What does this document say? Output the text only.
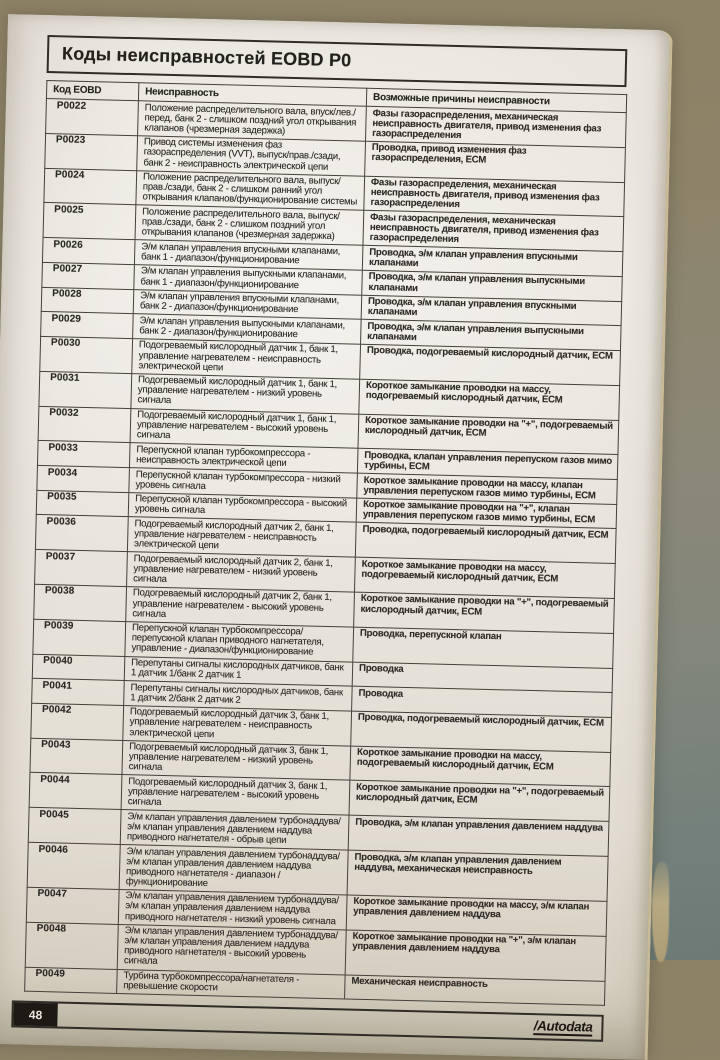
Коды неисправностей EOBD P0
Код EOBD	Неисправность	Возможные причины неисправности
P0022	Положение распределительного вала, впуск/лев./перед, банк 2 - слишком поздний угол открывания клапанов (чрезмерная задержка)	Фазы газораспределения, механическая неисправность двигателя, привод изменения фаз газораспределения
P0023	Привод системы изменения фаз газораспределения (VVT), выпуск/прав./сзади, банк 2 - неисправность электрической цепи	Проводка, привод изменения фаз газораспределения, ECM
P0024	Положение распределительного вала, выпуск/прав./сзади, банк 2 - слишком ранний угол открывания клапанов/функционирование системы	Фазы газораспределения, механическая неисправность двигателя, привод изменения фаз газораспределения
P0025	Положение распределительного вала, выпуск/прав./сзади, банк 2 - слишком поздний угол открывания клапанов (чрезмерная задержка)	Фазы газораспределения, механическая неисправность двигателя, привод изменения фаз газораспределения
P0026	Э/м клапан управления впускными клапанами, банк 1 - диапазон/функционирование	Проводка, э/м клапан управления впускными клапанами
P0027	Э/м клапан управления выпускными клапанами, банк 1 - диапазон/функционирование	Проводка, э/м клапан управления выпускными клапанами
P0028	Э/м клапан управления впускными клапанами, банк 2 - диапазон/функционирование	Проводка, э/м клапан управления впускными клапанами
P0029	Э/м клапан управления выпускными клапанами, банк 2 - диапазон/функционирование	Проводка, э/м клапан управления выпускными клапанами
P0030	Подогреваемый кислородный датчик 1, банк 1, управление нагревателем - неисправность электрической цепи	Проводка, подогреваемый кислородный датчик, ECM
P0031	Подогреваемый кислородный датчик 1, банк 1, управление нагревателем - низкий уровень сигнала	Короткое замыкание проводки на массу, подогреваемый кислородный датчик, ECM
P0032	Подогреваемый кислородный датчик 1, банк 1, управление нагревателем - высокий уровень сигнала	Короткое замыкание проводки на "+", подогреваемый кислородный датчик, ECM
P0033	Перепускной клапан турбокомпрессора - неисправность электрической цепи	Проводка, клапан управления перепуском газов мимо турбины, ECM
P0034	Перепускной клапан турбокомпрессора - низкий уровень сигнала	Короткое замыкание проводки на массу, клапан управления перепуском газов мимо турбины, ECM
P0035	Перепускной клапан турбокомпрессора - высокий уровень сигнала	Короткое замыкание проводки на "+", клапан управления перепуском газов мимо турбины, ECM
P0036	Подогреваемый кислородный датчик 2, банк 1, управление нагревателем - неисправность электрической цепи	Проводка, подогреваемый кислородный датчик, ECM
P0037	Подогреваемый кислородный датчик 2, банк 1, управление нагревателем - низкий уровень сигнала	Короткое замыкание проводки на массу, подогреваемый кислородный датчик, ECM
P0038	Подогреваемый кислородный датчик 2, банк 1, управление нагревателем - высокий уровень сигнала	Короткое замыкание проводки на "+", подогреваемый кислородный датчик, ECM
P0039	Перепускной клапан турбокомпрессора/перепускной клапан приводного нагнетателя, управление - диапазон/функционирование	Проводка, перепускной клапан
P0040	Перепутаны сигналы кислородных датчиков, банк 1 датчик 1/банк 2 датчик 1	Проводка
P0041	Перепутаны сигналы кислородных датчиков, банк 1 датчик 2/банк 2 датчик 2	Проводка
P0042	Подогреваемый кислородный датчик 3, банк 1, управление нагревателем - неисправность электрической цепи	Проводка, подогреваемый кислородный датчик, ECM
P0043	Подогреваемый кислородный датчик 3, банк 1, управление нагревателем - низкий уровень сигнала	Короткое замыкание проводки на массу, подогреваемый кислородный датчик, ECM
P0044	Подогреваемый кислородный датчик 3, банк 1, управление нагревателем - высокий уровень сигнала	Короткое замыкание проводки на "+", подогреваемый кислородный датчик, ECM
P0045	Э/м клапан управления давлением турбонаддува/э/м клапан управления давлением наддува приводного нагнетателя - обрыв цепи	Проводка, э/м клапан управления давлением наддува
P0046	Э/м клапан управления давлением турбонаддува/э/м клапан управления давлением наддува приводного нагнетателя - диапазон / функционирование	Проводка, э/м клапан управления давлением наддува, механическая неисправность
P0047	Э/м клапан управления давлением турбонаддува/ э/м клапан управления давлением наддува приводного нагнетателя - низкий уровень сигнала	Короткое замыкание проводки на массу, э/м клапан управления давлением наддува
P0048	Э/м клапан управления давлением турбонаддува/ э/м клапан управления давлением наддува приводного нагнетателя - высокий уровень сигнала	Короткое замыкание проводки на "+", э/м клапан управления давлением наддува
P0049	Турбина турбокомпрессора/нагнетателя - превышение скорости	Механическая неисправность
48
/Autodata
